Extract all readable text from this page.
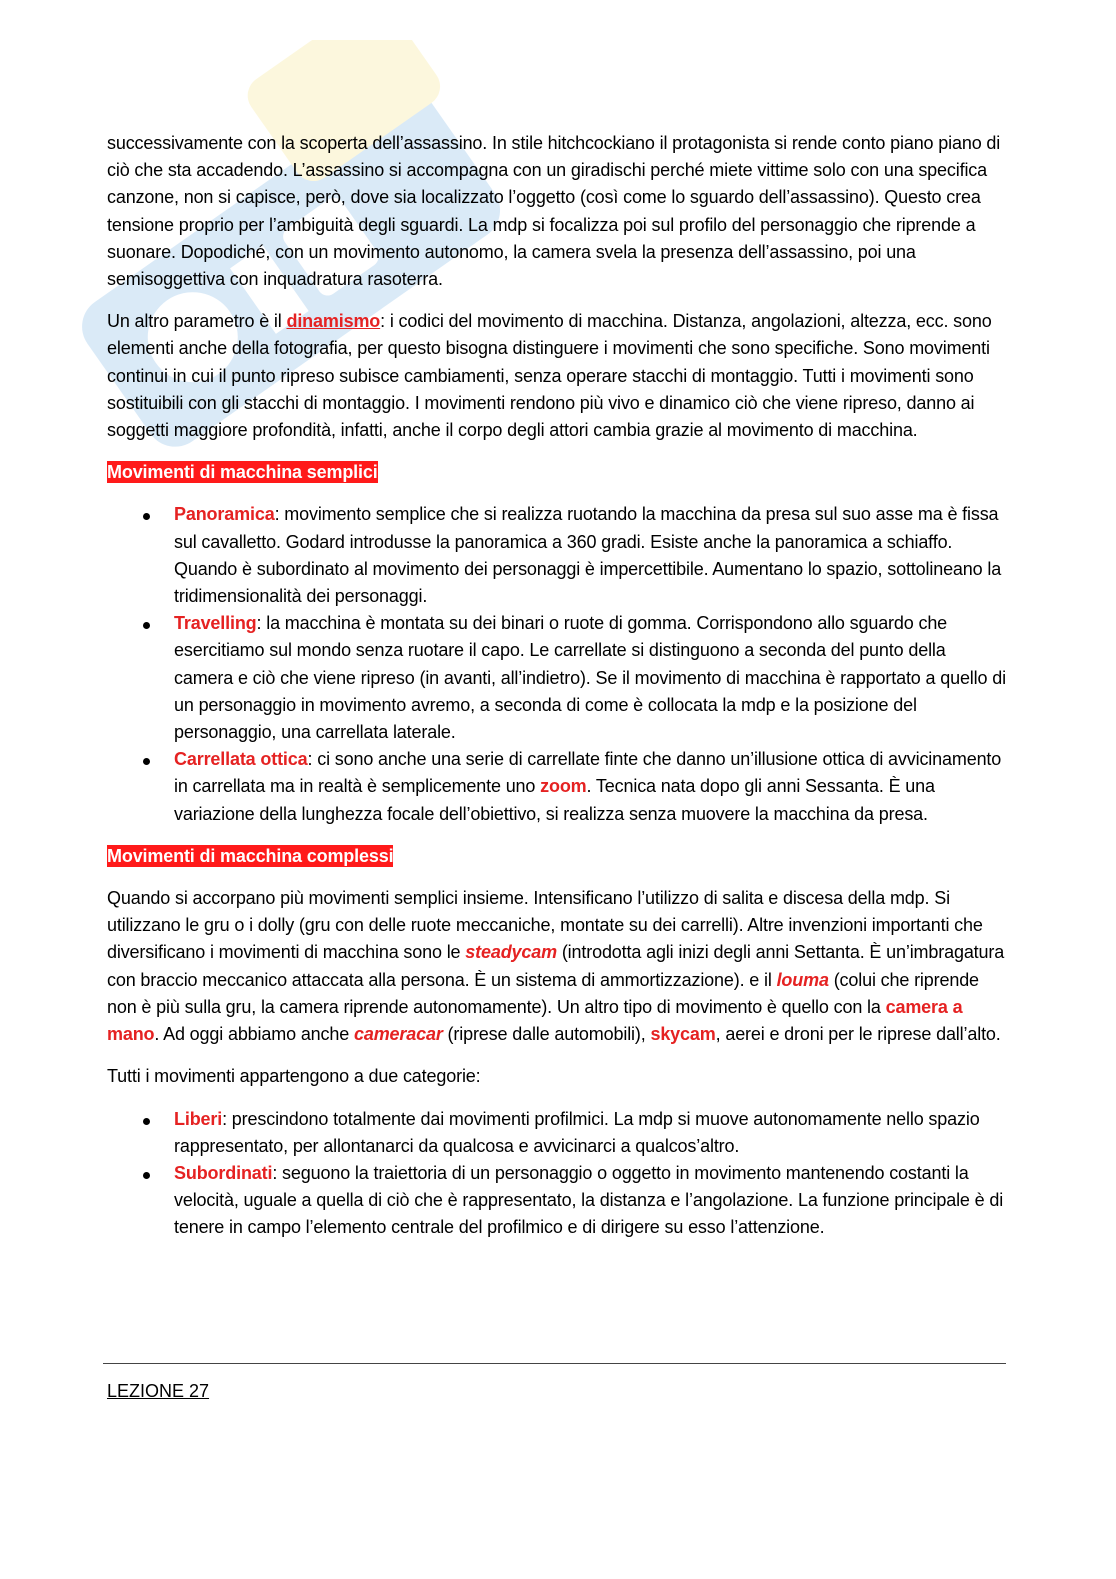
successivamente con la scoperta dell’assassino. In stile hitchcockiano il protagonista si rende conto piano piano di ciò che sta accadendo. L’assassino si accompagna con un giradischi perché miete vittime solo con una specifica canzone, non si capisce, però, dove sia localizzato l’oggetto (così come lo sguardo dell’assassino). Questo crea tensione proprio per l’ambiguità degli sguardi. La mdp si focalizza poi sul profilo del personaggio che riprende a suonare. Dopodiché, con un movimento autonomo, la camera svela la presenza dell’assassino, poi una semisoggettiva con inquadratura rasoterra.

Un altro parametro è il dinamismo: i codici del movimento di macchina. Distanza, angolazioni, altezza, ecc. sono elementi anche della fotografia, per questo bisogna distinguere i movimenti che sono specifiche. Sono movimenti continui in cui il punto ripreso subisce cambiamenti, senza operare stacchi di montaggio. Tutti i movimenti sono sostituibili con gli stacchi di montaggio. I movimenti rendono più vivo e dinamico ciò che viene ripreso, danno ai soggetti maggiore profondità, infatti, anche il corpo degli attori cambia grazie al movimento di macchina.

Movimenti di macchina semplici
Panoramica: movimento semplice che si realizza ruotando la macchina da presa sul suo asse ma è fissa sul cavalletto. Godard introdusse la panoramica a 360 gradi. Esiste anche la panoramica a schiaffo. Quando è subordinato al movimento dei personaggi è impercettibile. Aumentano lo spazio, sottolineano la tridimensionalità dei personaggi.
Travelling: la macchina è montata su dei binari o ruote di gomma. Corrispondono allo sguardo che esercitiamo sul mondo senza ruotare il capo. Le carrellate si distinguono a seconda del punto della camera e ciò che viene ripreso (in avanti, all’indietro). Se il movimento di macchina è rapportato a quello di un personaggio in movimento avremo, a seconda di come è collocata la mdp e la posizione del personaggio, una carrellata laterale.
Carrellata ottica: ci sono anche una serie di carrellate finte che danno un’illusione ottica di avvicinamento in carrellata ma in realtà è semplicemente uno zoom. Tecnica nata dopo gli anni Sessanta. È una variazione della lunghezza focale dell’obiettivo, si realizza senza muovere la macchina da presa.
Movimenti di macchina complessi

Quando si accorpano più movimenti semplici insieme. Intensificano l’utilizzo di salita e discesa della mdp. Si utilizzano le gru o i dolly (gru con delle ruote meccaniche, montate su dei carrelli). Altre invenzioni importanti che diversificano i movimenti di macchina sono le steadycam (introdotta agli inizi degli anni Settanta. È un’imbragatura con braccio meccanico attaccata alla persona. È un sistema di ammortizzazione). e il louma (colui che riprende non è più sulla gru, la camera riprende autonomamente). Un altro tipo di movimento è quello con la camera a mano. Ad oggi abbiamo anche cameracar (riprese dalle automobili), skycam, aerei e droni per le riprese dall’alto.

Tutti i movimenti appartengono a due categorie:

Liberi: prescindono totalmente dai movimenti profilmici. La mdp si muove autonomamente nello spazio rappresentato, per allontanarci da qualcosa e avvicinarci a qualcos’altro.
Subordinati: seguono la traiettoria di un personaggio o oggetto in movimento mantenendo costanti la velocità, uguale a quella di ciò che è rappresentato, la distanza e l’angolazione. La funzione principale è di tenere in campo l’elemento centrale del profilmico e di dirigere su esso l’attenzione.
LEZIONE 27
